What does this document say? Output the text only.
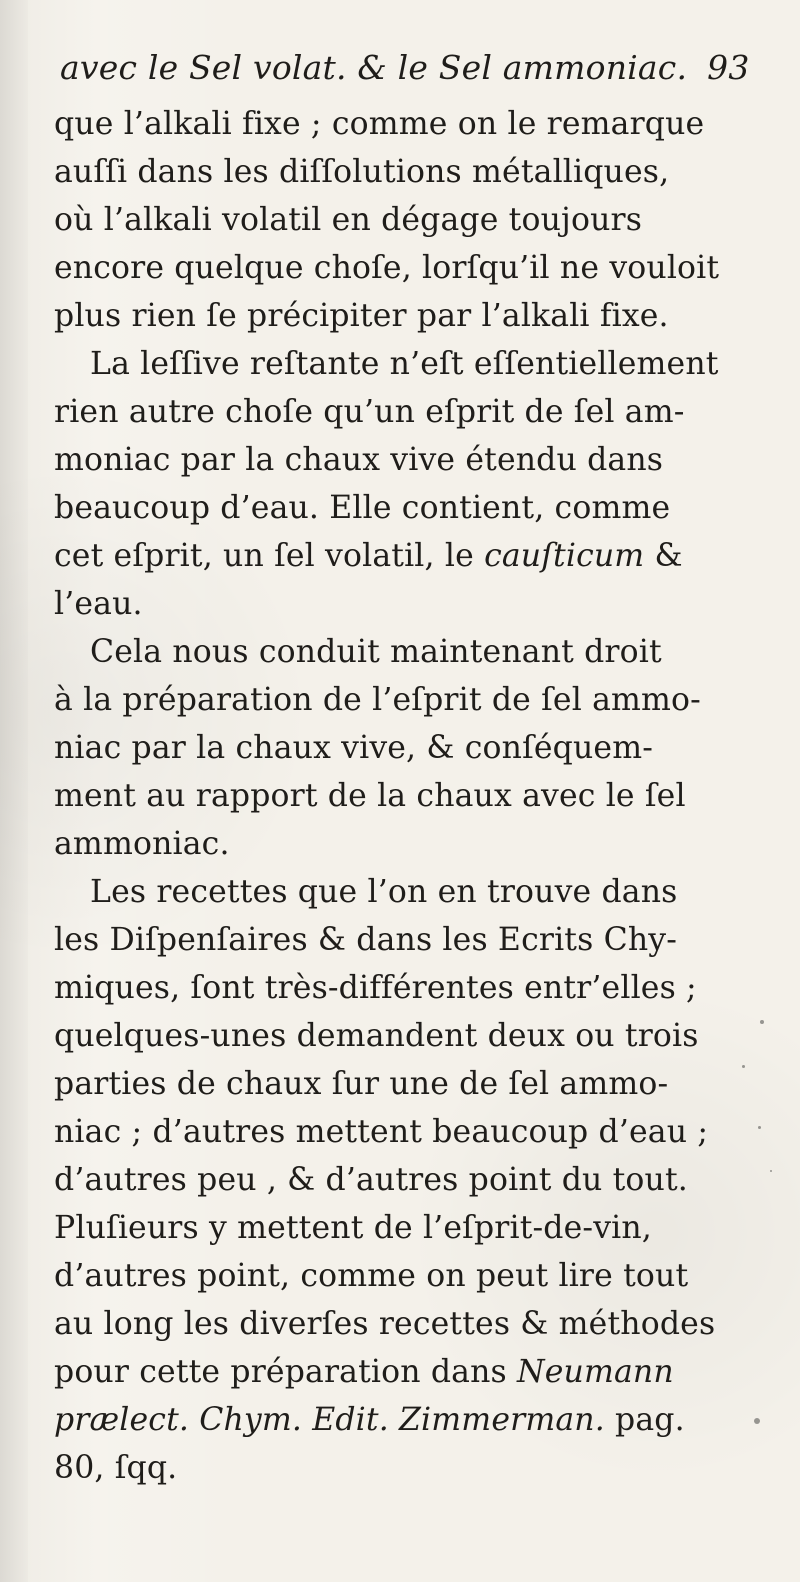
avec le Sel volat. & le Sel ammoniac. 93
que l’alkali fixe ; comme on le remarque
auſſi dans les diſſolutions métalliques,
où l’alkali volatil en dégage toujours
encore quelque choſe, lorſqu’il ne vouloit
plus rien ſe précipiter par l’alkali fixe.
La leſſive reſtante n’eſt eſſentiellement
rien autre choſe qu’un eſprit de ſel am-
moniac par la chaux vive étendu dans
beaucoup d’eau. Elle contient, comme
cet eſprit, un ſel volatil, le cauſticum &
l’eau.
Cela nous conduit maintenant droit
à la préparation de l’eſprit de ſel ammo-
niac par la chaux vive, & conſéquem-
ment au rapport de la chaux avec le ſel
ammoniac.
Les recettes que l’on en trouve dans
les Diſpenſaires & dans les Ecrits Chy-
miques, ſont très-différentes entr’elles ;
quelques-unes demandent deux ou trois
parties de chaux ſur une de ſel ammo-
niac ; d’autres mettent beaucoup d’eau ;
d’autres peu , & d’autres point du tout.
Pluſieurs y mettent de l’eſprit-de-vin,
d’autres point, comme on peut lire tout
au long les diverſes recettes & méthodes
pour cette préparation dans Neumann
prælect. Chym. Edit. Zimmerman. pag.
80, ſqq.
